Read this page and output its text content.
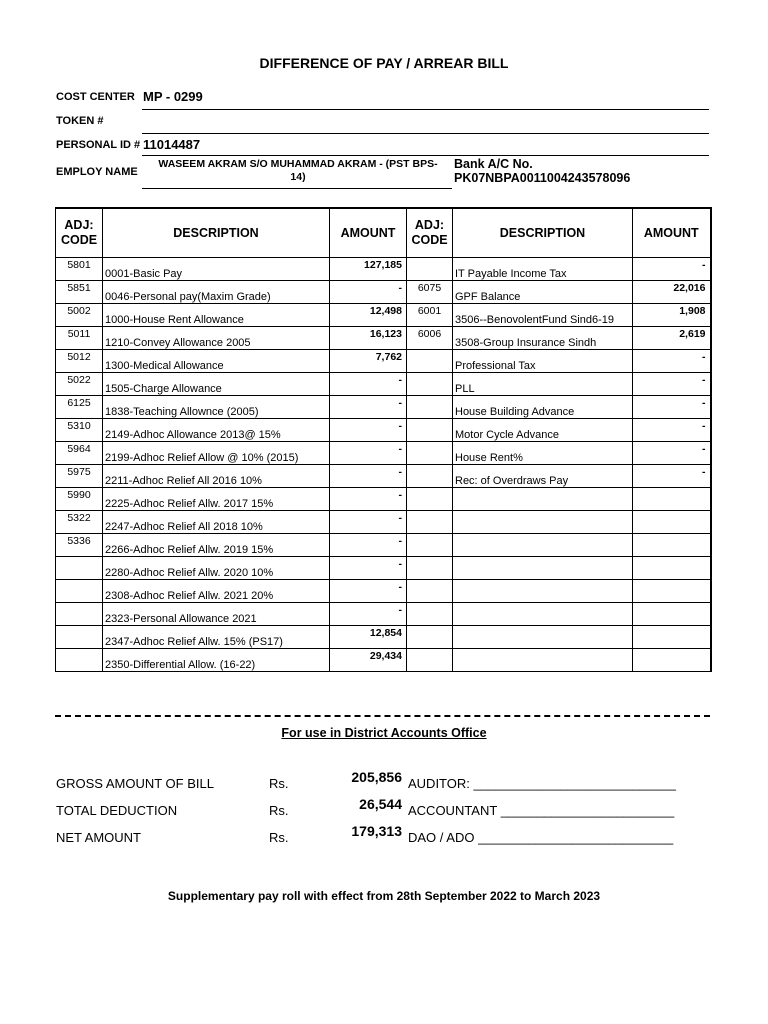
DIFFERENCE OF PAY / ARREAR BILL
COST CENTER MP - 0299
TOKEN #
PERSONAL ID # 11014487
EMPLOY NAME
WASEEM AKRAM S/O MUHAMMAD AKRAM - (PST BPS-
14)
Bank A/C No.
PK07NBPA0011004243578096
ADJ:
CODE	DESCRIPTION	AMOUNT	ADJ:
CODE	DESCRIPTION	AMOUNT
5801	0001-Basic Pay	127,185		IT Payable Income Tax	-
5851	0046-Personal pay(Maxim Grade)	-	6075	GPF Balance	22,016
5002	1000-House Rent Allowance	12,498	6001	3506--BenovolentFund Sind6-19	1,908
5011	1210-Convey Allowance 2005	16,123	6006	3508-Group Insurance Sindh	2,619
5012	1300-Medical Allowance	7,762		Professional Tax	-
5022	1505-Charge Allowance	-		PLL	-
6125	1838-Teaching Allownce (2005)	-		House Building Advance	-
5310	2149-Adhoc Allowance 2013@ 15%	-		Motor Cycle Advance	-
5964	2199-Adhoc Relief Allow @ 10% (2015)	-		House Rent%	-
5975	2211-Adhoc Relief All 2016 10%	-		Rec: of Overdraws Pay	-
5990	2225-Adhoc Relief Allw. 2017 15%	-			
5322	2247-Adhoc Relief All 2018 10%	-			
5336	2266-Adhoc Relief Allw. 2019 15%	-			
	2280-Adhoc Relief Allw. 2020 10%	-			
	2308-Adhoc Relief Allw. 2021 20%	-			
	2323-Personal Allowance 2021	-			
	2347-Adhoc Relief Allw. 15% (PS17)	12,854			
	2350-Differential Allow. (16-22)	29,434			
For use in District Accounts Office
GROSS AMOUNT OF BILL	Rs.	205,856 AUDITOR: ____________________________
TOTAL DEDUCTION	Rs.	26,544 ACCOUNTANT ________________________
NET AMOUNT	Rs.	179,313 DAO / ADO ___________________________
Supplementary pay roll with effect from 28th September 2022 to March 2023
